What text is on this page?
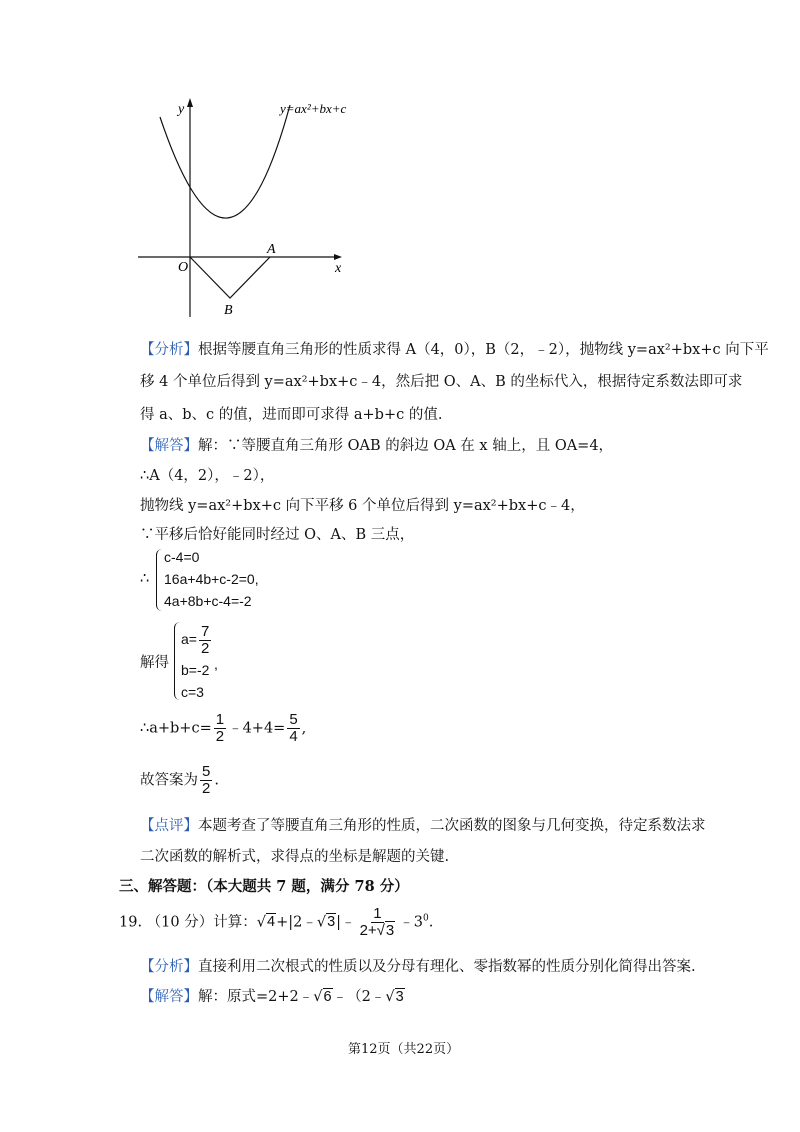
y
x
O
A
B
y=ax²+bx+c
【分析】根据等腰直角三角形的性质求得 A（4，0），B（2，﹣2），抛物线 y=ax²+bx+c 向下平
移 4 个单位后得到 y=ax²+bx+c﹣4，然后把 O、A、B 的坐标代入，根据待定系数法即可求
得 a、b、c 的值，进而即可求得 a+b+c 的值.
【解答】解：∵等腰直角三角形 OAB 的斜边 OA 在 x 轴上，且 OA=4，
∴A（4，2），﹣2），
抛物线 y=ax²+bx+c 向下平移 6 个单位后得到 y=ax²+bx+c﹣4，
∵平移后恰好能同时经过 O、A、B 三点，
∴
c-4=0
16a+4b+c-2=0,
4a+8b+c-4=-2
解得
$a= \frac{7}{2}$
b=-2 ,
c=3
∴a+b+c= $\frac{1}{2}$ ﹣4+4= $\frac{5}{4}$ ,
故答案为 $\frac{5}{2}$ .
【点评】本题考查了等腰直角三角形的性质，二次函数的图象与几何变换，待定系数法求
二次函数的解析式，求得点的坐标是解题的关键.
三、解答题：（本大题共 7 题，满分 78 分）
19. （10 分）计算：√4+|2﹣√3|﹣ $\frac{1}{2+√3}$ $﹣3^0$.
【分析】直接利用二次根式的性质以及分母有理化、零指数幂的性质分别化简得出答案.
【解答】解：原式=2+2﹣√6﹣（2﹣√3
第12页（共22页）
